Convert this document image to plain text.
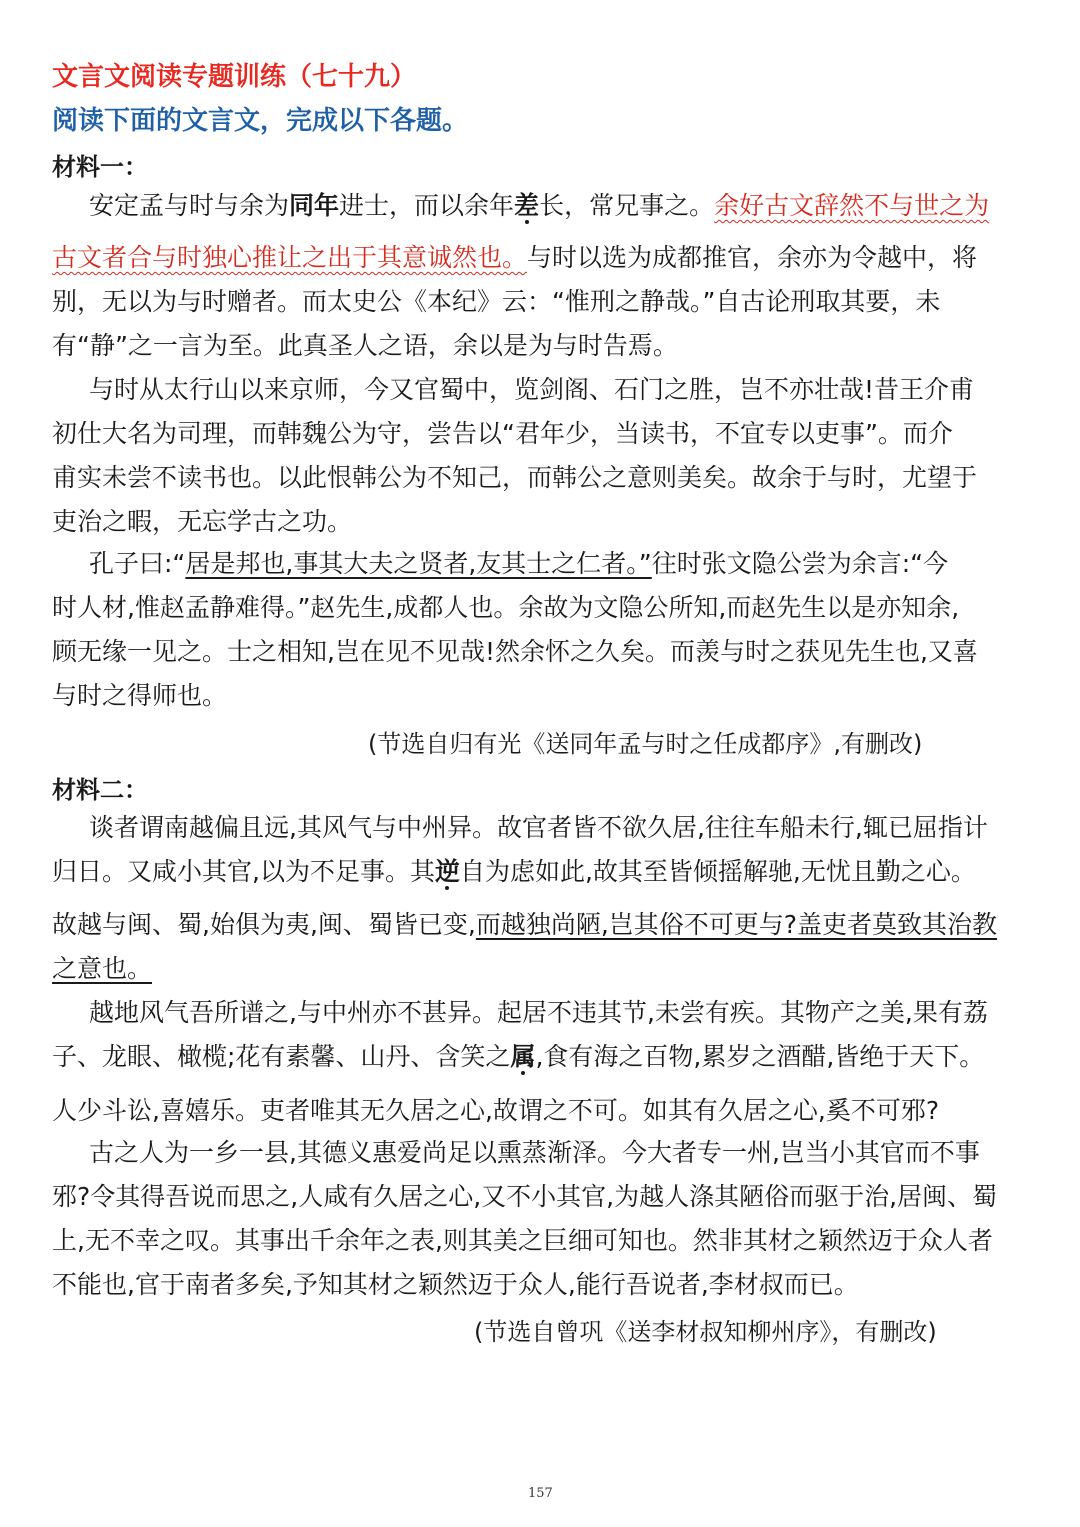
文言文阅读专题训练（七十九）
阅读下面的文言文，完成以下各题。
材料一：
安定孟与时与余为同年进士，而以余年差长，常兄事之。余好古文辞然不与世之为
古文者合与时独心推让之出于其意诚然也。与时以选为成都推官，余亦为令越中，将
别，无以为与时赠者。而太史公《本纪》云：“惟刑之静哉。”自古论刑取其要，未
有“静”之一言为至。此真圣人之语，余以是为与时告焉。
与时从太行山以来京师，今又官蜀中，览剑阁、石门之胜，岂不亦壮哉!昔王介甫
初仕大名为司理，而韩魏公为守，尝告以“君年少，当读书，不宜专以吏事”。而介
甫实未尝不读书也。以此恨韩公为不知己，而韩公之意则美矣。故余于与时，尤望于
吏治之暇，无忘学古之功。
孔子曰:“居是邦也,事其大夫之贤者,友其士之仁者。”往时张文隐公尝为余言:“今
时人材,惟赵孟静难得。”赵先生,成都人也。余故为文隐公所知,而赵先生以是亦知余,
顾无缘一见之。士之相知,岂在见不见哉!然余怀之久矣。而羡与时之获见先生也,又喜
与时之得师也。
(节选自归有光《送同年孟与时之任成都序》,有删改)
材料二：
谈者谓南越偏且远,其风气与中州异。故官者皆不欲久居,往往车船未行,辄已屈指计
归日。又咸小其官,以为不足事。其逆自为虑如此,故其至皆倾摇解驰,无忧且勤之心。
故越与闽、蜀,始俱为夷,闽、蜀皆已变,而越独尚陋,岂其俗不可更与?盖吏者莫致其治教
之意也。
越地风气吾所谱之,与中州亦不甚异。起居不违其节,未尝有疾。其物产之美,果有荔
子、龙眼、橄榄;花有素馨、山丹、含笑之属,食有海之百物,累岁之酒醋,皆绝于天下。
人少斗讼,喜嬉乐。吏者唯其无久居之心,故谓之不可。如其有久居之心,奚不可邪?
古之人为一乡一县,其德义惠爱尚足以熏蒸渐泽。今大者专一州,岂当小其官而不事
邪?令其得吾说而思之,人咸有久居之心,又不小其官,为越人涤其陋俗而驱于治,居闽、蜀
上,无不幸之叹。其事出千余年之表,则其美之巨细可知也。然非其材之颖然迈于众人者
不能也,官于南者多矣,予知其材之颖然迈于众人,能行吾说者,李材叔而已。
(节选自曾巩《送李材叔知柳州序》，有删改)
157
